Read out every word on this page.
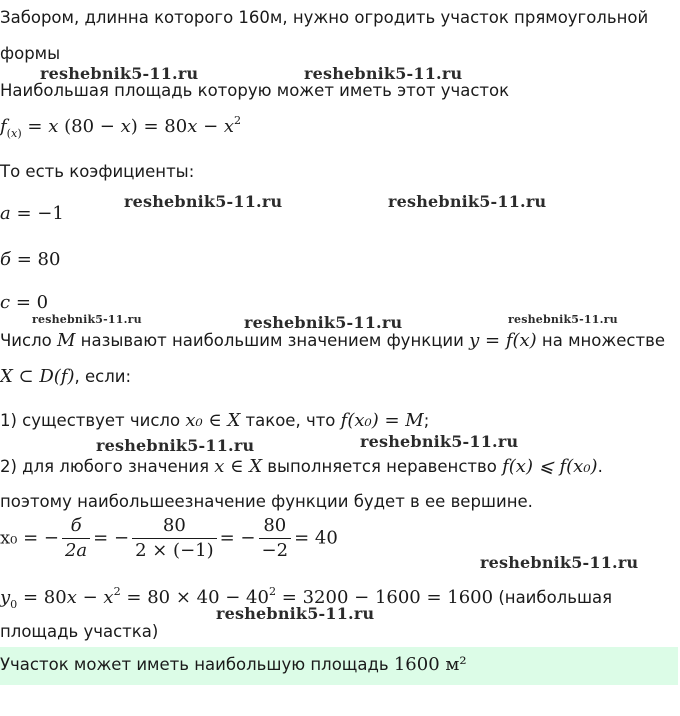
Забором, длинна которого 160м, нужно огродить участок прямоугольной
формы
Наибольшая площадь которую может иметь этот участок
$f_{(x)} = x$ $(80 - x) = 80x - x^2$
То есть коэфициенты:
a = −1
б = 80
c = 0
Число M называют наибольшим значением функции y = f(x) на множестве
X ⊂ D(f), если:
1) существует число x₀ ∈ X такое, что f(x₀) = M;
2) для любого значения x ∈ X выполняется неравенство f(x) ⩽ f(x₀).
поэтому наибольшеезначение функции будет в ее вершине.
x₀ = − $\frac{б}{2a}$ = − $\frac{80}{2 \times (-1)}$ = − $\frac{80}{-2} = 40$
$y_0 = 80x - x^2 = 80 \times 40 - 40^2 = 3200 - 1600 = 1600$ (наибольшая
площадь участка)
Участок может иметь наибольшую площадь 1600 м²
reshebnik5-11.ru	reshebnik5-11.ru
reshebnik5-11.ru	reshebnik5-11.ru
reshebnik5-11.ru	reshebnik5-11.ru	reshebnik5-11.ru
reshebnik5-11.ru	reshebnik5-11.ru
reshebnik5-11.ru
reshebnik5-11.ru
